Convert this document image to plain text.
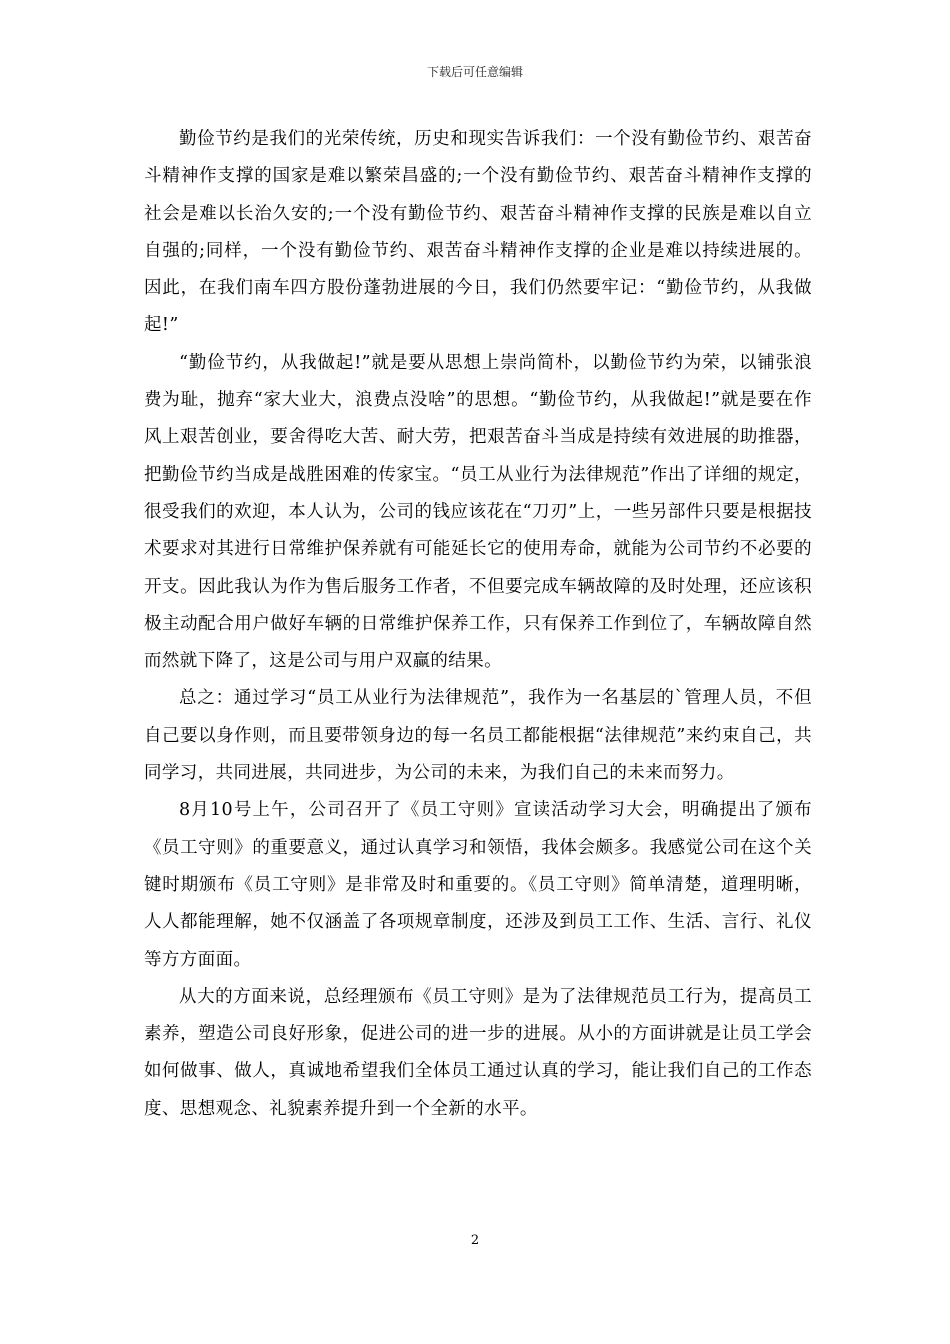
下载后可任意编辑

勤俭节约是我们的光荣传统，历史和现实告诉我们：一个没有勤俭节约、艰苦奋斗精神作支撑的国家是难以繁荣昌盛的;一个没有勤俭节约、艰苦奋斗精神作支撑的社会是难以长治久安的;一个没有勤俭节约、艰苦奋斗精神作支撑的民族是难以自立自强的;同样，一个没有勤俭节约、艰苦奋斗精神作支撑的企业是难以持续进展的。因此，在我们南车四方股份蓬勃进展的今日，我们仍然要牢记：“勤俭节约，从我做起!”

“勤俭节约，从我做起!”就是要从思想上崇尚简朴，以勤俭节约为荣，以铺张浪费为耻，抛弃“家大业大，浪费点没啥”的思想。“勤俭节约，从我做起!”就是要在作风上艰苦创业，要舍得吃大苦、耐大劳，把艰苦奋斗当成是持续有效进展的助推器，把勤俭节约当成是战胜困难的传家宝。“员工从业行为法律规范”作出了详细的规定，很受我们的欢迎，本人认为，公司的钱应该花在“刀刃”上，一些另部件只要是根据技术要求对其进行日常维护保养就有可能延长它的使用寿命，就能为公司节约不必要的开支。因此我认为作为售后服务工作者，不但要完成车辆故障的及时处理，还应该积极主动配合用户做好车辆的日常维护保养工作，只有保养工作到位了，车辆故障自然而然就下降了，这是公司与用户双赢的结果。

总之：通过学习“员工从业行为法律规范”，我作为一名基层的`管理人员，不但自己要以身作则，而且要带领身边的每一名员工都能根据“法律规范”来约束自己，共同学习，共同进展，共同进步，为公司的未来，为我们自己的未来而努力。

8月10号上午，公司召开了《员工守则》宣读活动学习大会，明确提出了颁布《员工守则》的重要意义，通过认真学习和领悟，我体会颇多。我感觉公司在这个关键时期颁布《员工守则》是非常及时和重要的。《员工守则》简单清楚，道理明晰，人人都能理解，她不仅涵盖了各项规章制度，还涉及到员工工作、生活、言行、礼仪等方方面面。

从大的方面来说，总经理颁布《员工守则》是为了法律规范员工行为，提高员工素养，塑造公司良好形象，促进公司的进一步的进展。从小的方面讲就是让员工学会如何做事、做人，真诚地希望我们全体员工通过认真的学习，能让我们自己的工作态度、思想观念、礼貌素养提升到一个全新的水平。

2
